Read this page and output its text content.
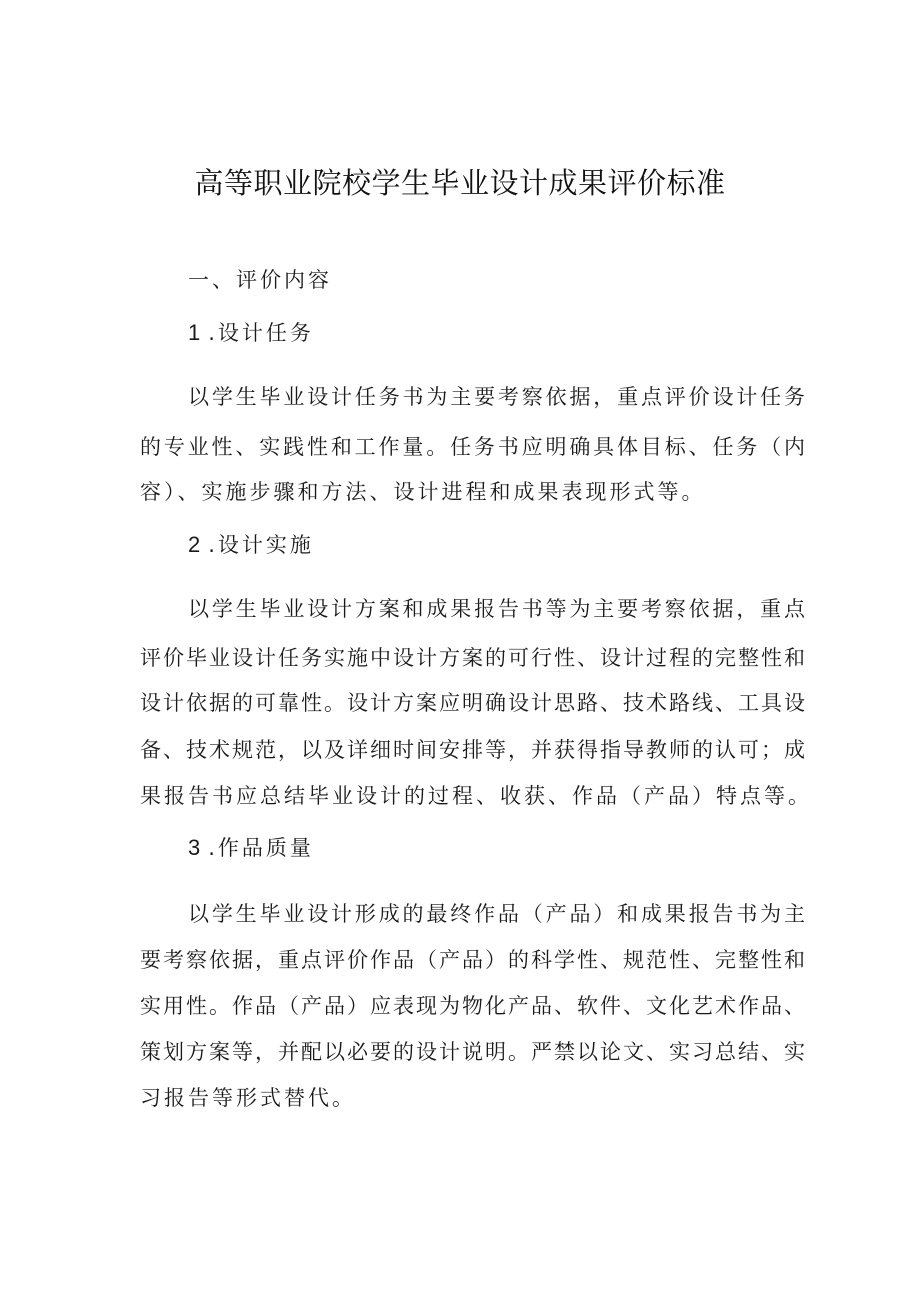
高等职业院校学生毕业设计成果评价标准
一、评价内容
1 .设计任务
以学生毕业设计任务书为主要考察依据，重点评价设计任务
的专业性、实践性和工作量。任务书应明确具体目标、任务（内
容）、实施步骤和方法、设计进程和成果表现形式等。
2 .设计实施
以学生毕业设计方案和成果报告书等为主要考察依据，重点
评价毕业设计任务实施中设计方案的可行性、设计过程的完整性和
设计依据的可靠性。设计方案应明确设计思路、技术路线、工具设
备、技术规范，以及详细时间安排等，并获得指导教师的认可；成
果报告书应总结毕业设计的过程、收获、作品（产品）特点等。
3 .作品质量
以学生毕业设计形成的最终作品（产品）和成果报告书为主
要考察依据，重点评价作品（产品）的科学性、规范性、完整性和
实用性。作品（产品）应表现为物化产品、软件、文化艺术作品、
策划方案等，并配以必要的设计说明。严禁以论文、实习总结、实
习报告等形式替代。
